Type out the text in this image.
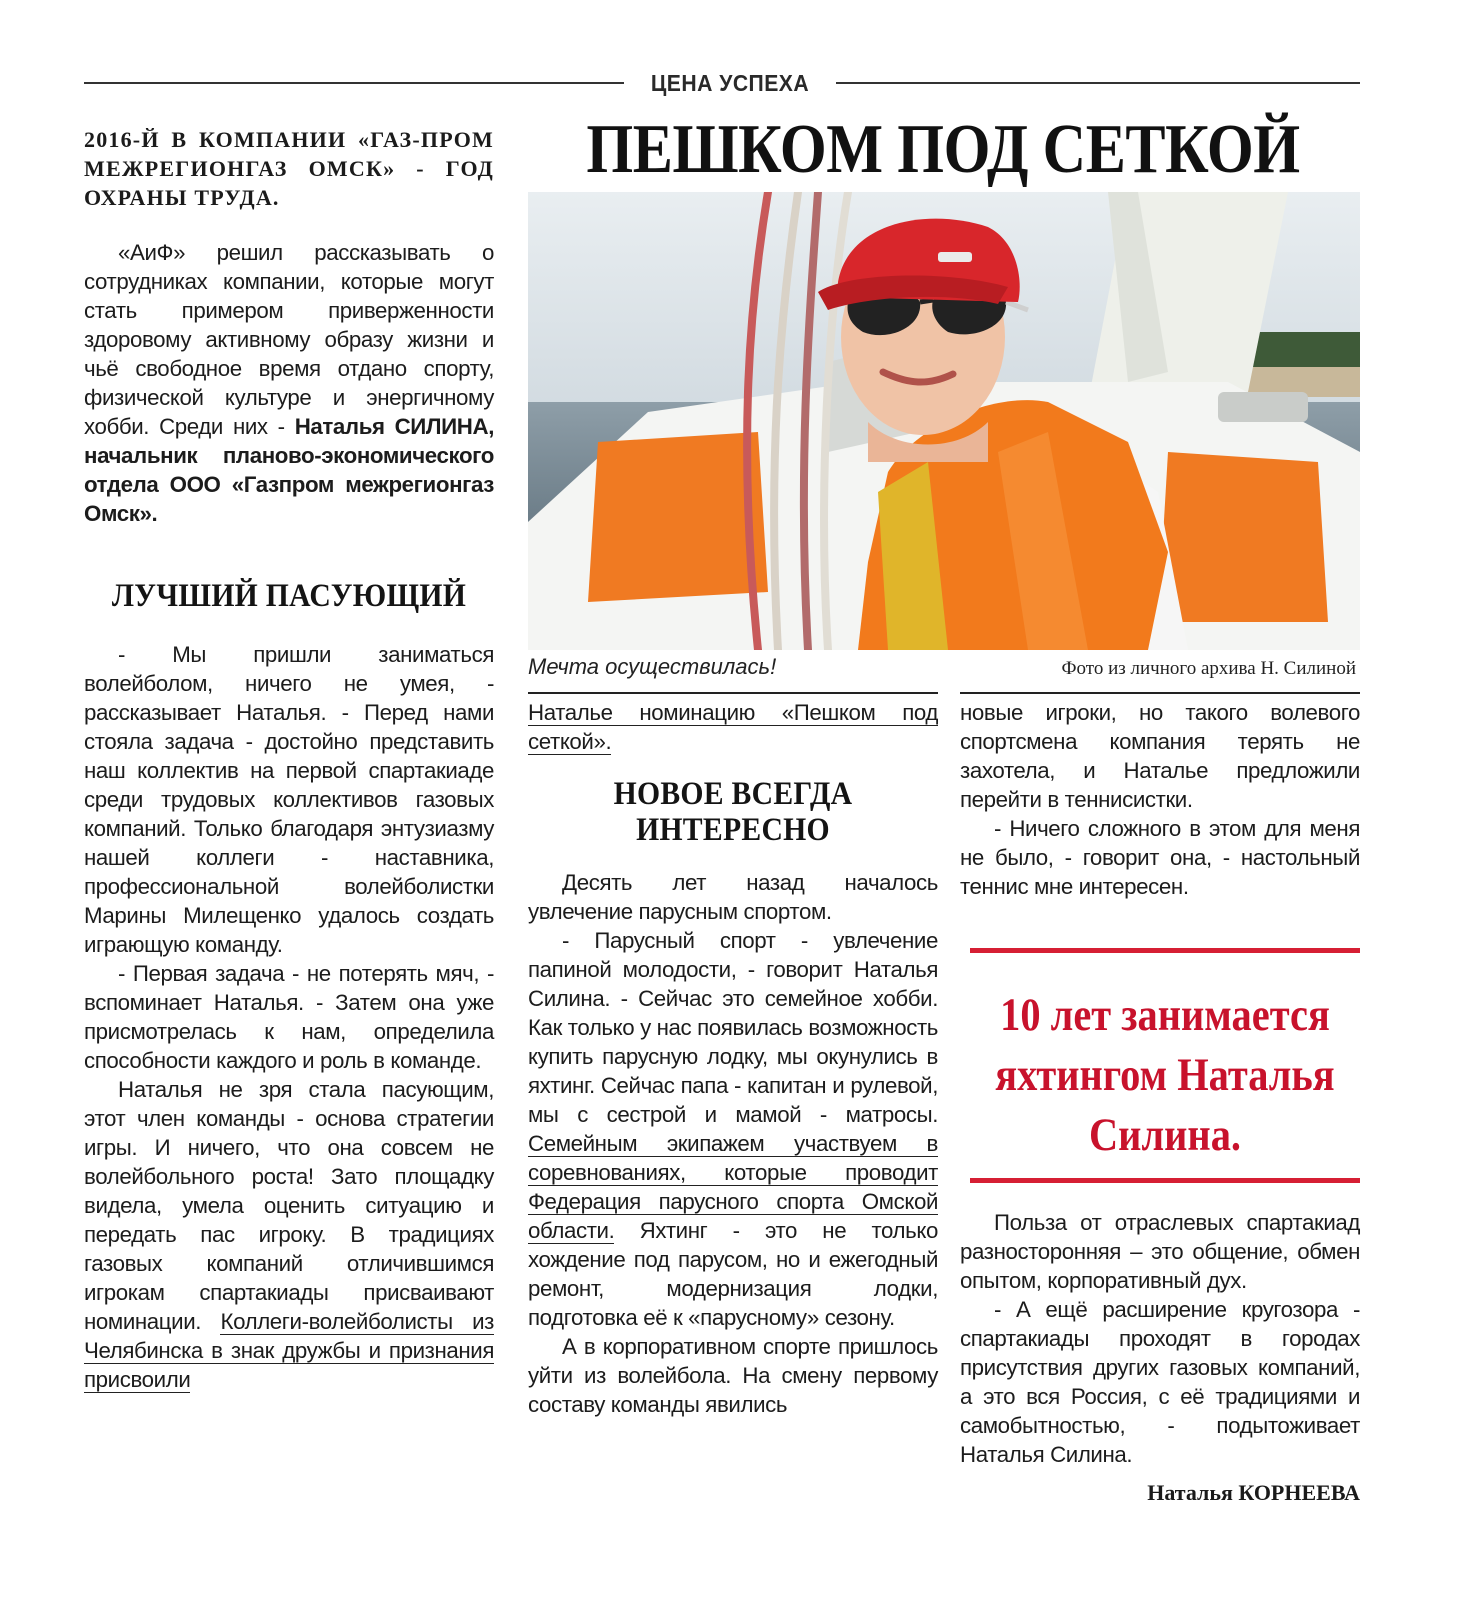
ЦЕНА УСПЕХА
ПЕШКОМ ПОД СЕТКОЙ
2016-Й В КОМПАНИИ «ГАЗ-ПРОМ МЕЖРЕГИОНГАЗ ОМСК» - ГОД ОХРАНЫ ТРУДА.

«АиФ» решил рассказывать о сотрудниках компании, которые могут стать примером приверженности здоровому активному образу жизни и чьё свободное время отдано спорту, физической культуре и энергичному хобби. Среди них - Наталья СИЛИНА, начальник планово-экономического отдела ООО «Газпром межрегионгаз Омск».

ЛУЧШИЙ ПАСУЮЩИЙ

- Мы пришли заниматься волейболом, ничего не умея, - рассказывает Наталья. - Перед нами стояла задача - достойно представить наш коллектив на первой спартакиаде среди трудовых коллективов газовых компаний. Только благодаря энтузиазму нашей коллеги - наставника, профессиональной волейболистки Марины Милещенко удалось создать играющую команду.

- Первая задача - не потерять мяч, - вспоминает Наталья. - Затем она уже присмотрелась к нам, определила способности каждого и роль в команде.

Наталья не зря стала пасующим, этот член команды - основа стратегии игры. И ничего, что она совсем не волейбольного роста! Зато площадку видела, умела оценить ситуацию и передать пас игроку. В традициях газовых компаний отличившимся игрокам спартакиады присваивают номинации. Коллеги-волейболисты из Челябинска в знак дружбы и признания присвоили

Мечта осуществилась!	Фото из личного архива Н. Силиной

Наталье номинацию «Пешком под сеткой».

НОВОЕ ВСЕГДА ИНТЕРЕСНО

Десять лет назад началось увлечение парусным спортом.

- Парусный спорт - увлечение папиной молодости, - говорит Наталья Силина. - Сейчас это семейное хобби. Как только у нас появилась возможность купить парусную лодку, мы окунулись в яхтинг. Сейчас папа - капитан и рулевой, мы с сестрой и мамой - матросы. Семейным экипажем участвуем в соревнованиях, которые проводит Федерация парусного спорта Омской области. Яхтинг - это не только хождение под парусом, но и ежегодный ремонт, модернизация лодки, подготовка её к «парусному» сезону.

А в корпоративном спорте пришлось уйти из волейбола. На смену первому составу команды явились

новые игроки, но такого волевого спортсмена компания терять не захотела, и Наталье предложили перейти в теннисистки.

- Ничего сложного в этом для меня не было, - говорит она, - настольный теннис мне интересен.

10 лет занимается яхтингом Наталья Силина.

Польза от отраслевых спартакиад разносторонняя – это общение, обмен опытом, корпоративный дух.

- А ещё расширение кругозора - спартакиады проходят в городах присутствия других газовых компаний, а это вся Россия, с её традициями и самобытностью, - подытоживает Наталья Силина.

Наталья КОРНЕЕВА
